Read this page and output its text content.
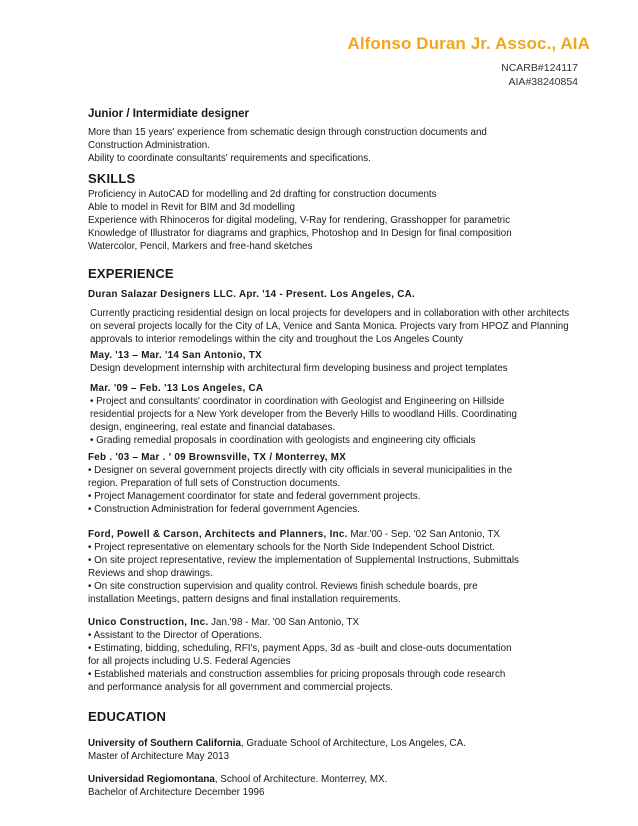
Alfonso Duran Jr. Assoc., AIA
NCARB#124117
AIA#38240854
Junior / Intermidiate designer
More than 15 years' experience from schematic design through construction documents and
Construction Administration.
Ability to coordinate consultants' requirements and specifications.
SKILLS
Proficiency in AutoCAD for modelling and 2d drafting for construction documents
Able to model in Revit for BIM and 3d modelling
Experience with Rhinoceros for digital modeling, V-Ray for rendering, Grasshopper for parametric
Knowledge of Illustrator for diagrams and graphics, Photoshop and In Design for final composition
Watercolor, Pencil, Markers and free-hand sketches
EXPERIENCE
Duran Salazar Designers LLC. Apr. '14 - Present. Los Angeles, CA.
Currently practicing residential design on local projects for developers and in collaboration with other architects
on several projects locally for the City of LA, Venice and Santa Monica. Projects vary from HPOZ and Planning
approvals to interior remodelings within the city and troughout the Los Angeles County
May. '13 – Mar. '14 San Antonio, TX
Design development internship with architectural firm developing business and project templates
Mar. '09 – Feb. '13 Los Angeles, CA
• Project and consultants' coordinator in coordination with Geologist and Engineering on Hillside
residential projects for a New York developer from the Beverly Hills to woodland Hills. Coordinating
design, engineering, real estate and financial databases.
• Grading remedial proposals in coordination with geologists and engineering city officials
Feb . '03 – Mar . ' 09 Brownsville, TX / Monterrey, MX
• Designer on several government projects directly with city officials in several municipalities in the
region. Preparation of full sets of Construction documents.
• Project Management coordinator for state and federal government projects.
• Construction Administration for federal government Agencies.
Ford, Powell & Carson, Architects and Planners, Inc. Mar.'00 - Sep. '02 San Antonio, TX
• Project representative on elementary schools for the North Side Independent School District.
• On site project representative, review the implementation of Supplemental Instructions, Submittals
Reviews and shop drawings.
• On site construction supervision and quality control. Reviews finish schedule boards, pre
installation Meetings, pattern designs and final installation requirements.
Unico Construction, Inc. Jan.'98 - Mar. '00 San Antonio, TX
• Assistant to the Director of Operations.
• Estimating, bidding, scheduling, RFI's, payment Apps, 3d as -built and close-outs documentation
for all projects including U.S. Federal Agencies
• Established materials and construction assemblies for pricing proposals through code research
and performance analysis for all government and commercial projects.
EDUCATION
University of Southern California, Graduate School of Architecture, Los Angeles, CA.
Master of Architecture May 2013
Universidad Regiomontana, School of Architecture. Monterrey, MX.
Bachelor of Architecture December 1996
